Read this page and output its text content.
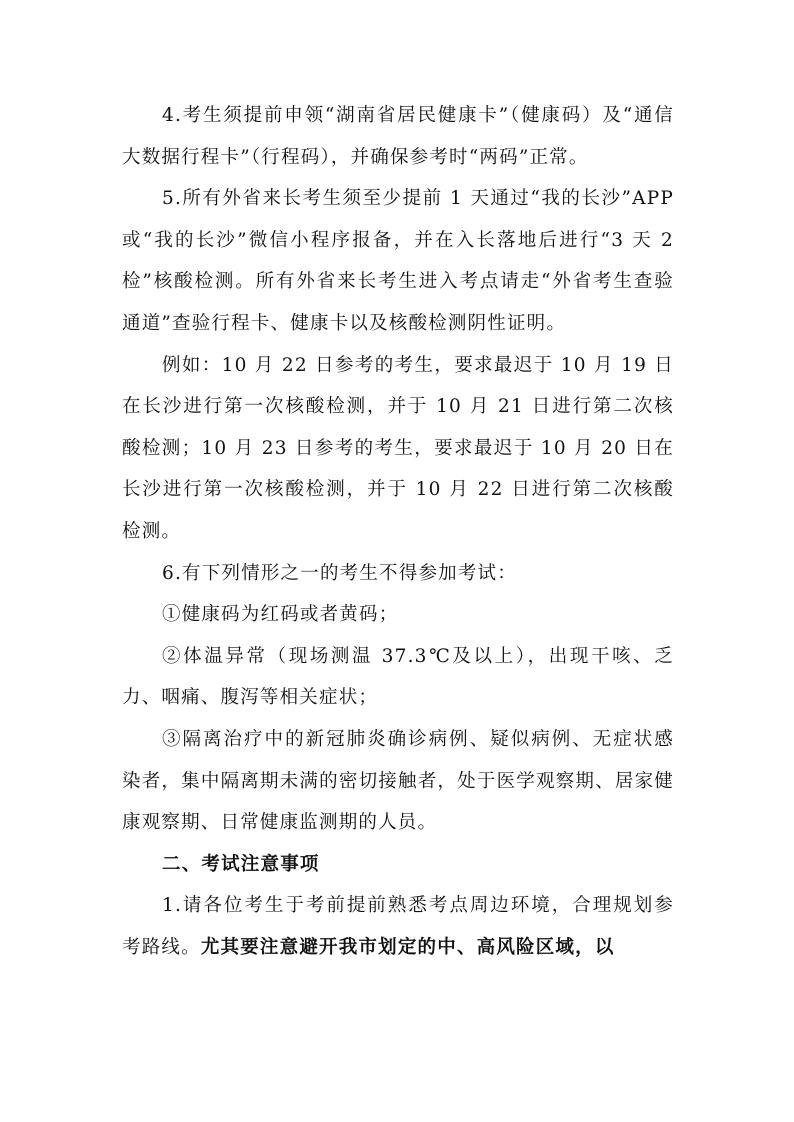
4.考生须提前申领“湖南省居民健康卡”（健康码）及“通信大数据行程卡”（行程码），并确保参考时“两码”正常。

5.所有外省来长考生须至少提前 1 天通过“我的长沙”APP 或“我的长沙”微信小程序报备，并在入长落地后进行“3 天 2 检”核酸检测。所有外省来长考生进入考点请走“外省考生查验通道”查验行程卡、健康卡以及核酸检测阴性证明。

例如：10 月 22 日参考的考生，要求最迟于 10 月 19 日在长沙进行第一次核酸检测，并于 10 月 21 日进行第二次核酸检测；10 月 23 日参考的考生，要求最迟于 10 月 20 日在长沙进行第一次核酸检测，并于 10 月 22 日进行第二次核酸检测。

6.有下列情形之一的考生不得参加考试：

①健康码为红码或者黄码；

②体温异常（现场测温 37.3℃及以上），出现干咳、乏力、咽痛、腹泻等相关症状；

③隔离治疗中的新冠肺炎确诊病例、疑似病例、无症状感染者，集中隔离期未满的密切接触者，处于医学观察期、居家健康观察期、日常健康监测期的人员。

二、考试注意事项

1.请各位考生于考前提前熟悉考点周边环境，合理规划参考路线。尤其要注意避开我市划定的中、高风险区域，以
